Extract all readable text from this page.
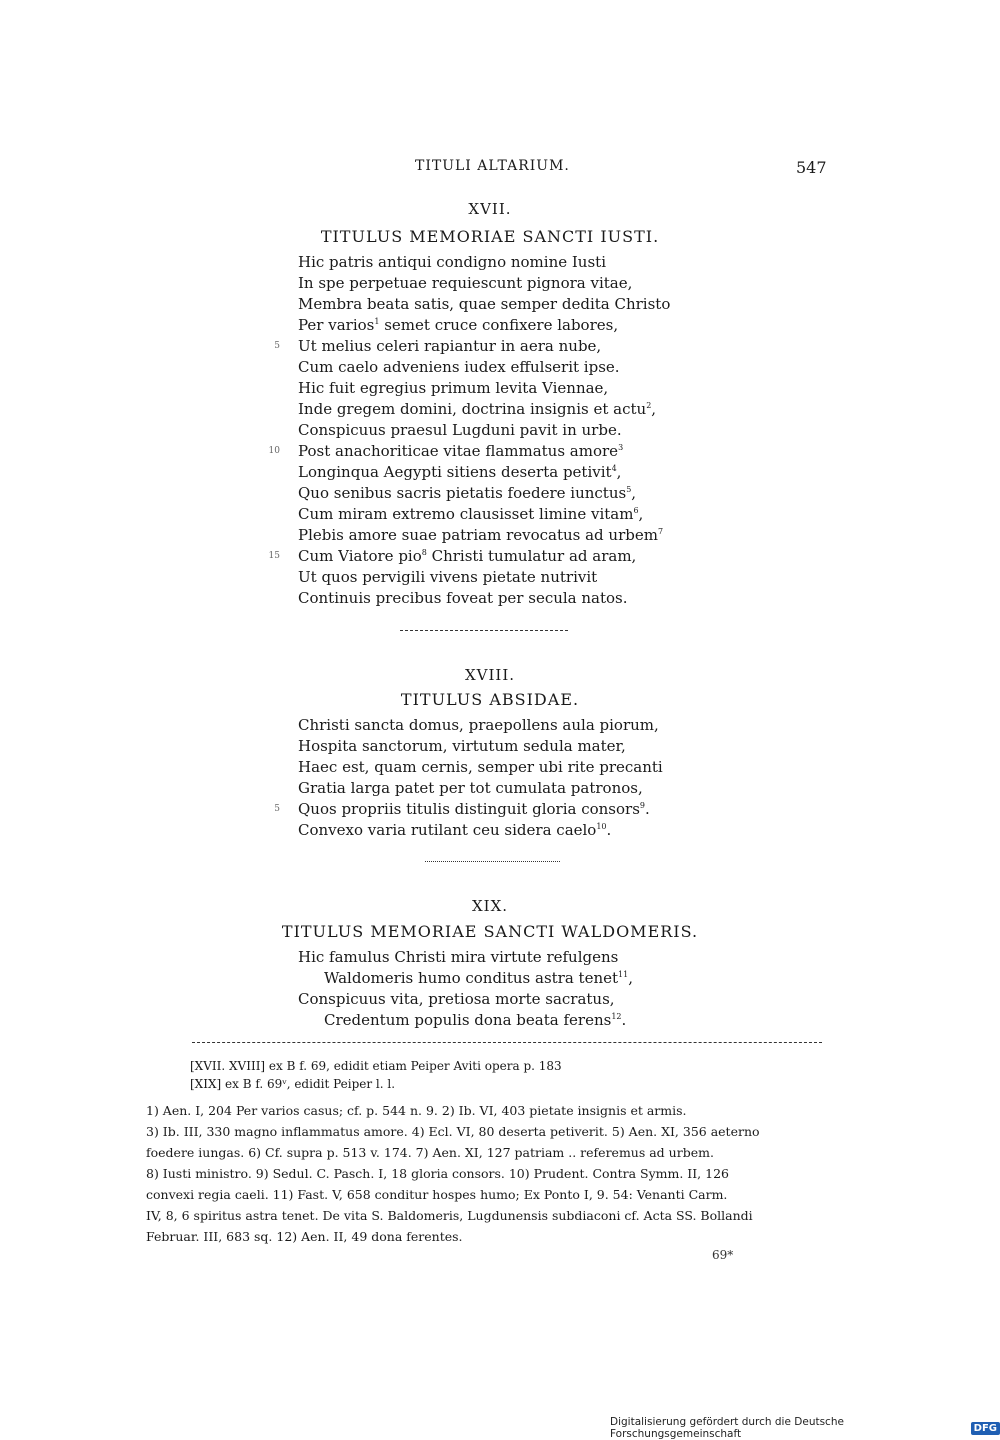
TITULI ALTARIUM.	547
XVII.
TITULUS MEMORIAE SANCTI IUSTI.
Hic patris antiqui condigno nomine Iusti
In spe perpetuae requiescunt pignora vitae,
Membra beata satis, quae semper dedita Christo
Per varios$^1$ semet cruce confixere labores,
5 Ut melius celeri rapiantur in aera nube,
Cum caelo adveniens iudex effulserit ipse.
Hic fuit egregius primum levita Viennae,
Inde gregem domini, doctrina insignis et actu$^2$,
Conspicuus praesul Lugduni pavit in urbe.
10 Post anachoriticae vitae flammatus amore$^3$
Longinqua Aegypti sitiens deserta petivit$^4$,
Quo senibus sacris pietatis foedere iunctus$^5$,
Cum miram extremo clausisset limine vitam$^6$,
Plebis amore suae patriam revocatus ad urbem$^7$
15 Cum Viatore pio$^8$ Christi tumulatur ad aram,
Ut quos pervigili vivens pietate nutrivit
Continuis precibus foveat per secula natos.
XVIII.
TITULUS ABSIDAE.
Christi sancta domus, praepollens aula piorum,
Hospita sanctorum, virtutum sedula mater,
Haec est, quam cernis, semper ubi rite precanti
Gratia larga patet per tot cumulata patronos,
5 Quos propriis titulis distinguit gloria consors$^9$.
Convexo varia rutilant ceu sidera caelo$^{10}$.
XIX.
TITULUS MEMORIAE SANCTI WALDOMERIS.
Hic famulus Christi mira virtute refulgens
Waldomeris humo conditus astra tenet$^{11}$,
Conspicuus vita, pretiosa morte sacratus,
Credentum populis dona beata ferens$^{12}$.
[XVII. XVIII] ex B f. 69, edidit etiam Peiper Aviti opera p. 183
[XIX] ex B f. 69ᵛ, edidit Peiper l. l.
1) Aen. I, 204 Per varios casus; cf. p. 544 n. 9. 2) Ib. VI, 403 pietate insignis et armis.
3) Ib. III, 330 magno inflammatus amore. 4) Ecl. VI, 80 deserta petiverit. 5) Aen. XI, 356 aeterno
foedere iungas. 6) Cf. supra p. 513 v. 174. 7) Aen. XI, 127 patriam .. referemus ad urbem.
8) Iusti ministro. 9) Sedul. C. Pasch. I, 18 gloria consors. 10) Prudent. Contra Symm. II, 126
convexi regia caeli. 11) Fast. V, 658 conditur hospes humo; Ex Ponto I, 9. 54: Venanti Carm.
IV, 8, 6 spiritus astra tenet. De vita S. Baldomeris, Lugdunensis subdiaconi cf. Acta SS. Bollandi
Februar. III, 683 sq. 12) Aen. II, 49 dona ferentes.
69*
Digitalisierung gefördert durch die Deutsche Forschungsgemeinschaft	DFG
